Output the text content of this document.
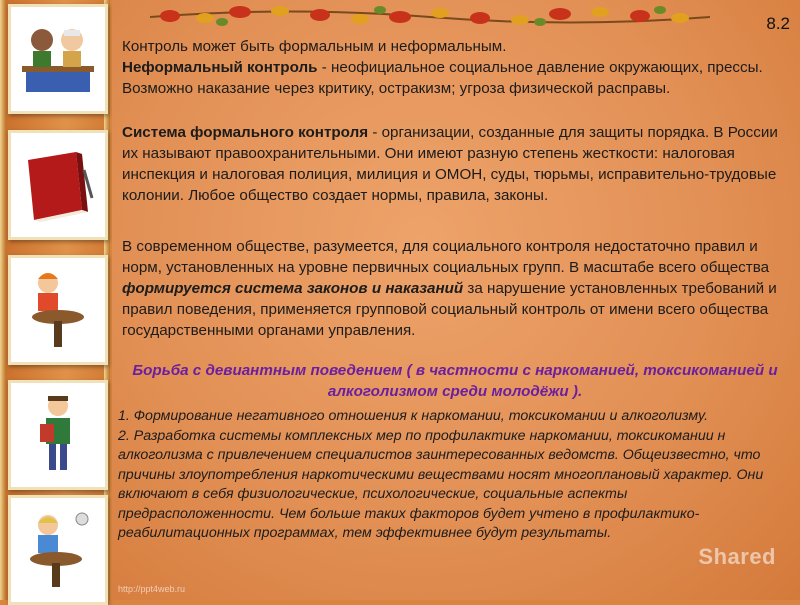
8.2

Контроль может быть формальным и неформальным.

Неформальный контроль - неофициальное социальное давление окружающих, прессы. Возможно наказание через критику, остракизм; угроза физической расправы.

Система формального контроля - организации, созданные для защиты порядка. В России их называют правоохранительными. Они имеют разную степень жесткости: налоговая инспекция и налоговая полиция, милиция и ОМОН, суды, тюрьмы, исправительно-трудовые колонии. Любое общество создает нормы, правила, законы.

В современном обществе, разумеется, для социального контроля недостаточно правил и норм, установленных на уровне первичных социальных групп. В масштабе всего общества формируется система законов и наказаний за нарушение установленных требований и правил поведения, применяется групповой социальный контроль от имени всего общества государственными органами управления.

Борьба с девиантным поведением ( в частности с наркоманией, токсикоманией и алкоголизмом среди молодёжи ).

1. Формирование негативного отношения к наркомании, токсикомании и алкоголизму.

2. Разработка системы комплексных мер по профилактике наркомании, токсикомании н алкоголизма с привлечением специалистов заинтересованных ведомств. Общеизвестно, что причины злоупотребления наркотическими веществами носят многоплановый характер. Они включают в себя физиологические, психологические, социальные аспекты предрасположенности. Чем больше таких факторов будет учтено в профилактико-реабилитационных программах, тем эффективнее будут результаты.

Shared
http://ppt4web.ru
